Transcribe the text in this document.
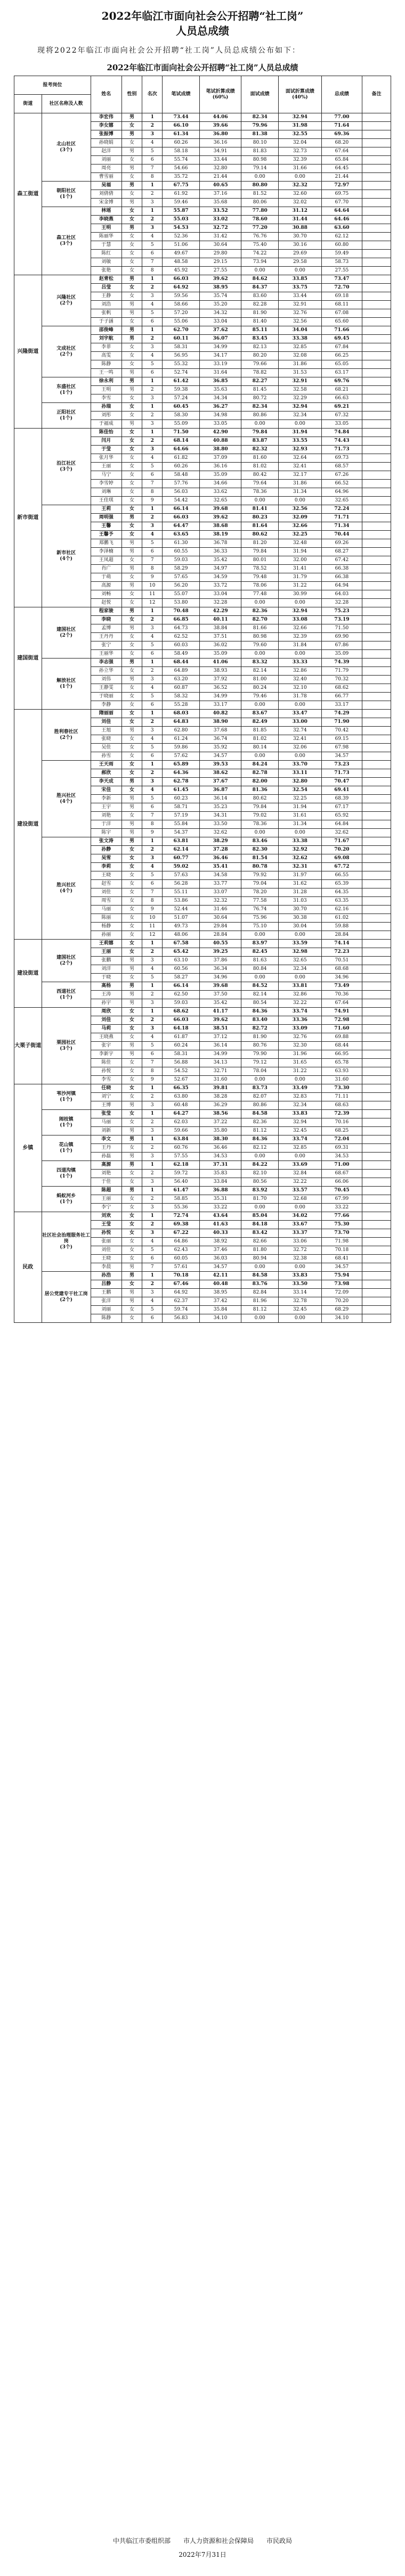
2022年临江市面向社会公开招聘“社工岗”
人员总成绩
现将2022年临江市面向社会公开招聘“社工岗”人员总成绩公布如下：
2022年临江市面向社会公开招聘“社工岗”人员总成绩
报考岗位		姓名	性别	名次	笔试成绩	笔试折算成绩(60%)	面试成绩	面试折算成绩(40%)	总成绩	备注
街道	社区名称及人数									
森工街道	北山社区
(3个)	李宏伟	男	1	73.44	44.06	82.34	32.94	77.00	
		李女娜	女	2	66.10	39.66	79.96	31.98	71.64	
		张振博	男	3	61.34	36.80	81.38	32.55	69.36	
		孙晓娟	女	4	60.26	36.16	80.10	32.04	68.20	
		赵洋	男	5	58.18	34.91	81.83	32.73	67.64	
		刘丽	女	6	55.74	33.44	80.98	32.39	65.84	
		周亮	男	7	54.66	32.80	79.14	31.66	64.45	
		曹雪丽	女	8	35.72	21.44	0.00	0.00	21.44	
	朝阳社区
(1个)	吴福	男	1	67.75	40.65	80.80	32.32	72.97	
		刘倩倩	女	2	61.92	37.16	81.52	32.60	69.75	
		宋金博	男	3	59.46	35.68	80.06	32.02	67.70	
	森工社区
(3个)	林瑶	女	1	55.87	33.52	77.80	31.12	64.64	
		李晓燕	女	2	55.03	33.02	78.60	31.44	64.46	
		王明	男	3	54.53	32.72	77.20	30.88	63.60	
		陈丽华	女	4	52.36	31.42	76.76	30.70	62.12	
		于慧	女	5	51.06	30.64	75.40	30.16	60.80	
		陈红	女	6	49.67	29.80	74.22	29.69	59.49	
		刘敏	女	7	48.58	29.15	73.94	29.58	58.73	
		张艳	女	8	45.92	27.55	0.00	0.00	27.55	
兴隆街道	兴隆社区
(2个)	赵青松	男	1	66.03	39.62	84.62	33.85	73.47	
		吕莹	女	2	64.92	38.95	84.37	33.75	72.70	
		王静	女	3	59.56	35.74	83.60	33.44	69.18	
		刘浩	男	4	58.66	35.20	82.28	32.91	68.11	
		张帆	男	5	57.20	34.32	81.90	32.76	67.08	
		于子涵	女	6	55.06	33.04	81.40	32.56	65.60	
	文成社区
(2个)	邵俊峰	男	1	62.70	37.62	85.11	34.04	71.66	
		刘宇航	男	2	60.11	36.07	83.45	33.38	69.45	
		李菲	女	3	58.31	34.99	82.13	32.85	67.84	
		高雯	女	4	56.95	34.17	80.20	32.08	66.25	
		陈静	女	5	55.32	33.19	79.66	31.86	65.05	
		王一鸣	男	6	52.74	31.64	78.82	31.53	63.17	
	东盛社区
(1个)	徐永利	男	1	61.42	36.85	82.27	32.91	69.76	
		王明	男	2	59.38	35.63	81.45	32.58	68.21	
		李雪	女	3	57.24	34.34	80.72	32.29	66.63	
	正阳社区
(1个)	孙瑞	女	1	60.45	36.27	82.34	32.94	69.21	
		刘彤	女	2	58.30	34.98	80.86	32.34	67.32	
		于福成	男	3	55.09	33.05	0.00	0.00	33.05	
新市街道	沿江社区
(3个)	陈佳怡	女	1	71.50	42.90	79.84	31.94	74.84	
		闫月	女	2	68.14	40.88	83.87	33.55	74.43	
		于莹	女	3	64.66	38.80	82.32	32.93	71.73	
		张月华	女	4	61.82	37.09	81.60	32.64	69.73	
		王丽	女	5	60.26	36.16	81.02	32.41	68.57	
		马宁	女	6	58.48	35.09	80.42	32.17	67.26	
		李雪婷	女	7	57.76	34.66	79.64	31.86	66.52	
		刘琳	女	8	56.03	33.62	78.36	31.34	64.96	
		王佳琪	女	9	54.42	32.65	0.00	0.00	32.65	
	新市社区
(4个)	王莉	女	1	66.14	39.68	81.41	32.56	72.24	
		周明强	男	2	66.03	39.62	80.23	32.09	71.71	
		王馨	女	3	64.47	38.68	81.64	32.66	71.34	
		王馨予	女	4	63.65	38.19	80.62	32.25	70.44	
		郑鹏飞	男	5	61.30	36.78	81.20	32.48	69.26	
		李泽楠	男	6	60.55	36.33	79.84	31.94	68.27	
		王凤超	女	7	59.03	35.42	80.01	32.00	67.42	
		肖广	男	8	58.29	34.97	78.52	31.41	66.38	
		于萌	女	9	57.65	34.59	79.48	31.79	66.38	
		高源	男	10	56.20	33.72	78.06	31.22	64.94	
		刘畅	女	11	55.07	33.04	77.48	30.99	64.03	
		赵悦	女	12	53.80	32.28	0.00	0.00	32.28	
建国街道	建国社区
(2个)	程家骏	男	1	70.48	42.29	82.36	32.94	75.23	
		李晓	女	2	66.85	40.11	82.70	33.08	73.19	
		孟博	男	3	64.73	38.84	81.66	32.66	71.50	
		王丹丹	女	4	62.52	37.51	80.98	32.39	69.90	
		张宁	女	5	60.03	36.02	79.60	31.84	67.86	
		王丽华	女	6	58.49	35.09	0.00	0.00	35.09	
	解放社区
(1个)	李志强	男	1	68.44	41.06	83.32	33.33	74.39	
		孙立华	女	2	64.89	38.93	82.14	32.86	71.79	
		刘伟	男	3	63.20	37.92	81.00	32.40	70.32	
		王静雯	女	4	60.87	36.52	80.24	32.10	68.62	
		于晓丽	女	5	58.32	34.99	79.46	31.78	66.77	
		李静	女	6	55.28	33.17	0.00	0.00	33.17	
建设街道	胜利春社区
(2个)	隋丽丽	女	1	68.03	40.82	83.67	33.47	74.29	
		刘佳	女	2	64.83	38.90	82.49	33.00	71.90	
		王旭	男	3	62.80	37.68	81.85	32.74	70.42	
		张晓	女	4	61.24	36.74	81.02	32.41	69.15	
		吴佳	女	5	59.86	35.92	80.14	32.06	67.98	
		孙雪	女	6	57.62	34.57	0.00	0.00	34.57	
	胜兴社区
(4个)	王天雨	女	1	65.89	39.53	84.24	33.70	73.23	
		郝欣	女	2	64.36	38.62	82.78	33.11	71.73	
		李天成	男	3	62.78	37.67	82.00	32.80	70.47	
		宋佳	女	4	61.45	36.87	81.36	32.54	69.41	
		李新	男	5	60.23	36.14	80.62	32.25	68.39	
		王宇	男	6	58.71	35.23	79.84	31.94	67.17	
		刘艳	女	7	57.19	34.31	79.02	31.61	65.92	
		于洋	男	8	55.84	33.50	78.36	31.34	64.84	
		陈宇	男	9	54.37	32.62	0.00	0.00	32.62	
	胜兴社区
(4个)	张文涛	男	1	63.81	38.29	83.46	33.38	71.67	
		孙静	女	2	62.14	37.28	82.30	32.92	70.20	
		吴雪	女	3	60.77	36.46	81.54	32.62	69.08	
		李莉	女	4	59.02	35.41	80.78	32.31	67.72	
		王晓	女	5	57.63	34.58	79.92	31.97	66.55	
		赵雪	女	6	56.28	33.77	79.04	31.62	65.39	
		刘佳	女	7	55.11	33.07	78.20	31.28	64.35	
		周雪	女	8	53.86	32.32	77.58	31.03	63.35	
		马丽	女	9	52.44	31.46	76.74	30.70	62.16	
		陈丽	女	10	51.07	30.64	75.96	30.38	61.02	
		杨静	女	11	49.73	29.84	75.10	30.04	59.88	
		孙丽	女	12	48.06	28.84	0.00	0.00	28.84	
建设街道	建国社区
(2个)	王莉娜	女	1	67.58	40.55	83.97	33.59	74.14	
		王丽	女	2	65.42	39.25	82.45	32.98	72.23	
		张鹏	男	3	63.10	37.86	81.63	32.65	70.51	
		刘洋	男	4	60.56	36.34	80.84	32.34	68.68	
		于晓	女	5	58.27	34.96	0.00	0.00	34.96	
	西道社区
(1个)	高杨	男	1	66.14	39.68	84.52	33.81	73.49	
		王涛	男	2	62.50	37.50	82.14	32.86	70.36	
		孙宇	男	3	59.03	35.42	80.54	32.22	67.64	
大栗子街道	栗园社区
(3个)	周欣	女	1	68.62	41.17	84.36	33.74	74.91	
		刘佳	女	2	66.03	39.62	83.40	33.36	72.98	
		马莉	女	3	64.18	38.51	82.72	33.09	71.60	
		王晓燕	女	4	61.87	37.12	81.90	32.76	69.88	
		张宇	男	5	60.24	36.14	80.76	32.30	68.44	
		李新宇	男	6	58.31	34.99	79.90	31.96	66.95	
		陈佳	女	7	56.88	34.13	79.12	31.65	65.78	
		孙悦	女	8	54.52	32.71	78.04	31.22	63.93	
		李雪	女	9	52.67	31.60	0.00	0.00	31.60	
乡镇	苇沙河镇
(1个)	任晓	女	1	66.35	39.81	83.73	33.49	73.30	
		刘宁	女	2	63.80	38.28	82.07	32.83	71.11	
		王博	男	3	60.48	36.29	80.86	32.34	68.63	
	闹枝镇
(1个)	张莹	女	1	64.27	38.56	84.58	33.83	72.39	
		马丽	女	2	62.03	37.22	82.36	32.94	70.16	
		刘新	男	3	59.66	35.80	81.12	32.45	68.25	
	花山镇
(1个)	李文	男	1	63.84	38.30	84.36	33.74	72.04	
		王丹	女	2	60.76	36.46	82.12	32.85	69.31	
		孙磊	男	3	57.55	34.53	0.00	0.00	34.53	
	四道沟镇
(1个)	高源	男	1	62.18	37.31	84.22	33.69	71.00	
		刘艳	女	2	59.72	35.83	82.10	32.84	68.67	
		于佳	女	3	56.40	33.84	80.56	32.22	66.06	
	蚂蚁河乡
(1个)	陈超	男	1	61.47	36.88	83.92	33.57	70.45	
		王丽	女	2	58.85	35.31	81.70	32.68	67.99	
		李宁	女	3	55.36	33.22	0.00	0.00	33.22	
民政	社区社会治理服务社工岗
(3个)	刘欢	女	1	72.74	43.64	85.04	34.02	77.66	
		王莹	女	2	69.38	41.63	84.18	33.67	75.30	
		孙悦	女	3	67.22	40.33	83.42	33.37	73.70	
		张丽	女	4	64.86	38.92	82.66	33.06	71.98	
		刘佳	女	5	62.43	37.46	81.80	32.72	70.18	
		王晓	女	6	60.05	36.03	80.94	32.38	68.41	
		李晨	男	7	57.61	34.57	0.00	0.00	34.57	
	居公党建专干社工岗
(2个)	孙浩	男	1	70.18	42.11	84.58	33.83	75.94	
		吕静	女	2	67.46	40.48	83.76	33.50	73.98	
		王鹏	男	3	64.92	38.95	82.84	33.14	72.09	
		张洋	男	4	62.37	37.42	81.96	32.78	70.20	
		刘丽	女	5	59.74	35.84	81.12	32.45	68.29	
		陈静	女	6	56.83	34.10	0.00	0.00	34.10	
中共临江市委组织部　　市人力资源和社会保障局　　市民政局
2022年7月31日
